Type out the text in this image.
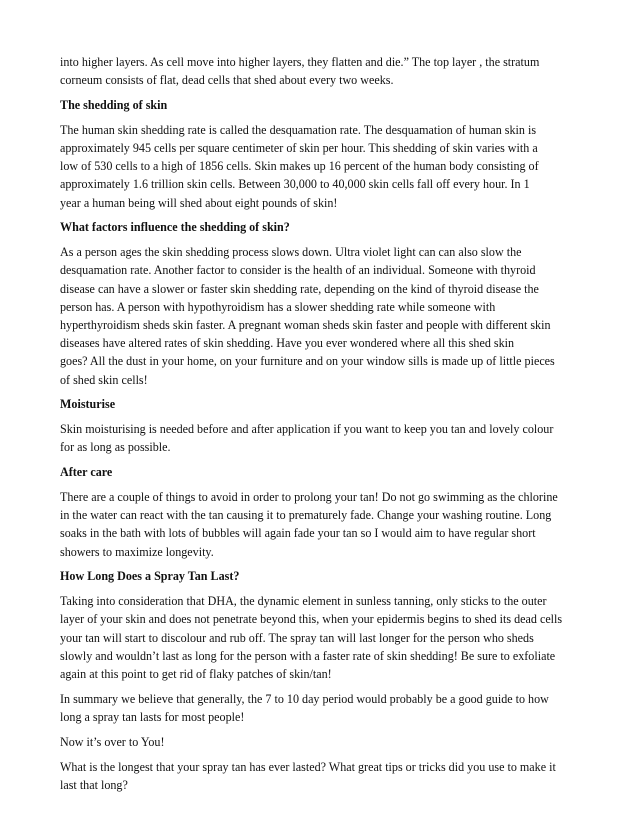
into higher layers. As cell move into higher layers, they flatten and die.” The top layer , the stratum
corneum consists of flat, dead cells that shed about every two weeks.

The shedding of skin

The human skin shedding rate is called the desquamation rate. The desquamation of human skin is
approximately 945 cells per square centimeter of skin per hour. This shedding of skin varies with a
low of 530 cells to a high of 1856 cells. Skin makes up 16 percent of the human body consisting of
approximately 1.6 trillion skin cells. Between 30,000 to 40,000 skin cells fall off every hour. In 1
year a human being will shed about eight pounds of skin!

What factors influence the shedding of skin?

As a person ages the skin shedding process slows down. Ultra violet light can can also slow the
desquamation rate. Another factor to consider is the health of an individual. Someone with thyroid
disease can have a slower or faster skin shedding rate, depending on the kind of thyroid disease the
person has. A person with hypothyroidism has a slower shedding rate while someone with
hyperthyroidism sheds skin faster. A pregnant woman sheds skin faster and people with different skin
diseases have altered rates of skin shedding. Have you ever wondered where all this shed skin
goes? All the dust in your home, on your furniture and on your window sills is made up of little pieces
of shed skin cells!

Moisturise

Skin moisturising is needed before and after application if you want to keep you tan and lovely colour
for as long as possible.

After care

There are a couple of things to avoid in order to prolong your tan! Do not go swimming as the chlorine
in the water can react with the tan causing it to prematurely fade. Change your washing routine. Long
soaks in the bath with lots of bubbles will again fade your tan so I would aim to have regular short
showers to maximize longevity.

How Long Does a Spray Tan Last?

Taking into consideration that DHA, the dynamic element in sunless tanning, only sticks to the outer
layer of your skin and does not penetrate beyond this, when your epidermis begins to shed its dead cells
your tan will start to discolour and rub off. The spray tan will last longer for the person who sheds
slowly and wouldn’t last as long for the person with a faster rate of skin shedding! Be sure to exfoliate
again at this point to get rid of flaky patches of skin/tan!

In summary we believe that generally, the 7 to 10 day period would probably be a good guide to how
long a spray tan lasts for most people!

Now it’s over to You!

What is the longest that your spray tan has ever lasted? What great tips or tricks did you use to make it
last that long?
